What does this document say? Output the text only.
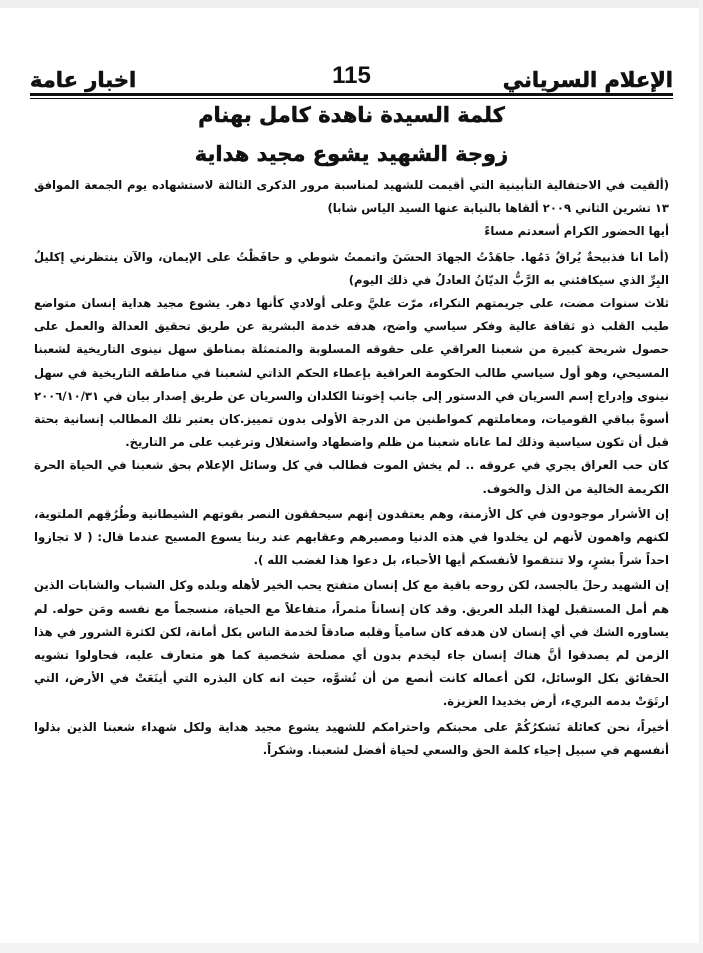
الإعلام السرياني
115
اخبار عامة
كلمة السيدة ناهدة كامل بهنام
زوجة الشهيد يشوع مجيد هداية

(ألقيت في الاحتفالية التأبينية التي أقيمت للشهيد لمناسبة مرور الذكرى الثالثة لاستشهاده يوم الجمعة الموافق ١٣ تشرين الثاني ٢٠٠٩ ألقاها بالنيابة عنها السيد الياس شابا)

أيها الحضور الكرام أسعدتم مساءً

(أما انا فذبيحةٌ يُراقُ دَمُها. جاهَدْتُ الجهادَ الحسَنَ واتممتُ شوطي و حافَظْتُ على الإيمان، والآن ينتظرني إكليلُ البِرِّ الذي سيكافئني به الرَّبُّ الديّانُ العادلُ في ذلك اليوم)

ثلاث سنوات مضت، على جريمتهم النكراء، مرّت عليَّ وعلى أولادي كأنها دهر. يشوع مجيد هداية إنسان متواضع طيب القلب ذو ثقافة عالية وفكر سياسي واضح، هدفه خدمة البشرية عن طريق تحقيق العدالة والعمل على حصول شريحة كبيرة من شعبنا العراقي على حقوقه المسلوبة والمتمثلة بمناطق سهل نينوى التاريخية لشعبنا المسيحي، وهو أول سياسي طالب الحكومة العراقية بإعطاء الحكم الذاتي لشعبنا في مناطقه التاريخية في سهل نينوى وإدراج إسم السريان في الدستور إلى جانب إخوتنا الكلدان والسريان عن طريق إصدار بيان في ٢٠٠٦/١٠/٣١ أسوةً بباقي القوميات، ومعاملتهم كمواطنين من الدرجة الأولى بدون تمييز.كان يعتبر تلك المطالب إنسانية بحتة قبل أن تكون سياسية وذلك لما عاناه شعبنا من ظلم واضطهاد واستغلال وترغيب على مر التاريخ.

كان حب العراق يجري في عروقه .. لم يخش الموت فطالب في كل وسائل الإعلام بحق شعبنا في الحياة الحرة الكريمة الخالية من الذل والخوف.

إن الأشرار موجودون في كل الأزمنة، وهم يعتقدون إنهم سيحققون النصر بقوتهم الشيطانية وطُرُقِهم الملتوية، لكنهم واهمون لأنهم لن يخلدوا في هذه الدنيا ومصيرهم وعقابهم عند ربنا يسوع المسيح عندما قال: ( لا تجازوا احداً شراً بشرٍ، ولا تنتقموا لأنفسكم أيها الأحباء، بل دعوا هذا لغضب الله ).

إن الشهيد رحلَ بالجسد، لكن روحه باقية مع كل إنسان متفتح يحب الخير لأهله وبلده وكل الشباب والشابات الذين هم أمل المستقبل لهذا البلد العريق. وقد كان إنساناً مثمراً، متفاعلاً مع الحياة، منسجماً مع نفسه ومَن حوله. لم يساوره الشك في أي إنسان لان هدفه كان سامياً وقلبه صادقاً لخدمة الناس بكل أمانة، لكن لكثرة الشرور في هذا الزمن لم يصدقوا أنَّ هناك إنسان جاء ليخدم بدون أي مصلحة شخصية كما هو متعارف عليه، فحاولوا تشويه الحقائق بكل الوسائل، لكن أعماله كانت أنصع من أن تُشوَّه، حيث انه كان البذره التي أينَعَتْ في الأرض، التي ارتَوَتْ بدمه البريء، أرض بخديدا العزيزة.

أخيراً، نحن كعائلة نَشكرُكُمْ على محبتكم واحترامكم للشهيد يشوع مجيد هداية ولكل شهداء شعبنا الذين بذلوا أنفسهم في سبيل إحياء كلمة الحق والسعي لحياة أفضل لشعبنا. وشكراً.
